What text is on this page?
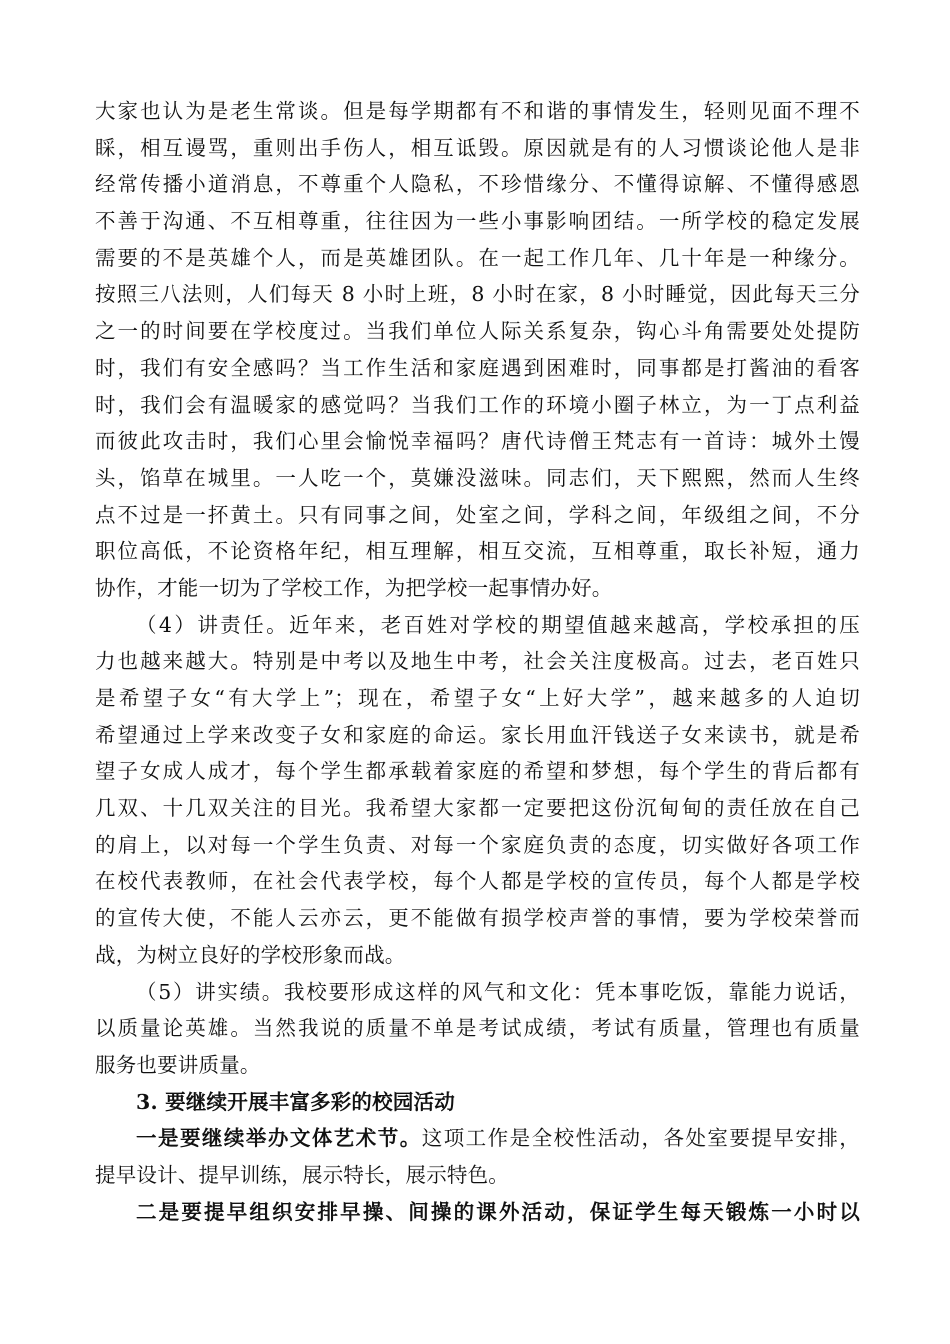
大家也认为是老生常谈。但是每学期都有不和谐的事情发生，轻则见面不理不
睬，相互谩骂，重则出手伤人，相互诋毁。原因就是有的人习惯谈论他人是非
经常传播小道消息，不尊重个人隐私，不珍惜缘分、不懂得谅解、不懂得感恩
不善于沟通、不互相尊重，往往因为一些小事影响团结。一所学校的稳定发展
需要的不是英雄个人，而是英雄团队。在一起工作几年、几十年是一种缘分。
按照三八法则，人们每天 8 小时上班，8 小时在家，8 小时睡觉，因此每天三分
之一的时间要在学校度过。当我们单位人际关系复杂，钩心斗角需要处处提防
时，我们有安全感吗？当工作生活和家庭遇到困难时，同事都是打酱油的看客
时，我们会有温暖家的感觉吗？当我们工作的环境小圈子林立，为一丁点利益
而彼此攻击时，我们心里会愉悦幸福吗？唐代诗僧王梵志有一首诗：城外土馒
头，馅草在城里。一人吃一个，莫嫌没滋味。同志们，天下熙熙，然而人生终
点不过是一抔黄土。只有同事之间，处室之间，学科之间，年级组之间，不分
职位高低，不论资格年纪，相互理解，相互交流，互相尊重，取长补短，通力
协作，才能一切为了学校工作，为把学校一起事情办好。
（4）讲责任。近年来，老百姓对学校的期望值越来越高，学校承担的压
力也越来越大。特别是中考以及地生中考，社会关注度极高。过去，老百姓只
是希望子女“有大学上”；现在，希望子女“上好大学”，越来越多的人迫切
希望通过上学来改变子女和家庭的命运。家长用血汗钱送子女来读书，就是希
望子女成人成才，每个学生都承载着家庭的希望和梦想，每个学生的背后都有
几双、十几双关注的目光。我希望大家都一定要把这份沉甸甸的责任放在自己
的肩上，以对每一个学生负责、对每一个家庭负责的态度，切实做好各项工作
在校代表教师，在社会代表学校，每个人都是学校的宣传员，每个人都是学校
的宣传大使，不能人云亦云，更不能做有损学校声誉的事情，要为学校荣誉而
战，为树立良好的学校形象而战。
（5）讲实绩。我校要形成这样的风气和文化：凭本事吃饭，靠能力说话，
以质量论英雄。当然我说的质量不单是考试成绩，考试有质量，管理也有质量
服务也要讲质量。
3. 要继续开展丰富多彩的校园活动
一是要继续举办文体艺术节。这项工作是全校性活动，各处室要提早安排，
提早设计、提早训练，展示特长，展示特色。
二是要提早组织安排早操、间操的课外活动，保证学生每天锻炼一小时以
